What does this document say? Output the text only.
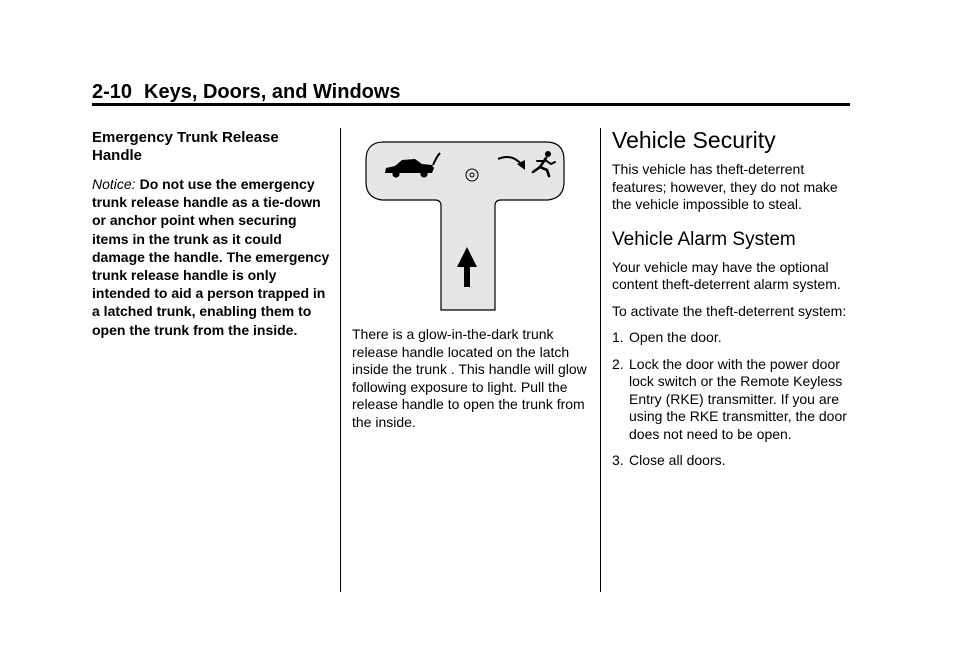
2-10 Keys, Doors, and Windows
Emergency Trunk Release Handle

Notice: Do not use the emergency trunk release handle as a tie-down or anchor point when securing items in the trunk as it could damage the handle. The emergency trunk release handle is only intended to aid a person trapped in a latched trunk, enabling them to open the trunk from the inside.	There is a glow-in-the-dark trunk release handle located on the latch inside the trunk . This handle will glow following exposure to light. Pull the release handle to open the trunk from the inside.

Vehicle Security

This vehicle has theft-deterrent features; however, they do not make the vehicle impossible to steal.

Vehicle Alarm System

Your vehicle may have the optional content theft-deterrent alarm system.

To activate the theft-deterrent system:

1. Open the door.
2. Lock the door with the power door lock switch or the Remote Keyless Entry (RKE) transmitter. If you are using the RKE transmitter, the door does not need to be open.
3. Close all doors.
